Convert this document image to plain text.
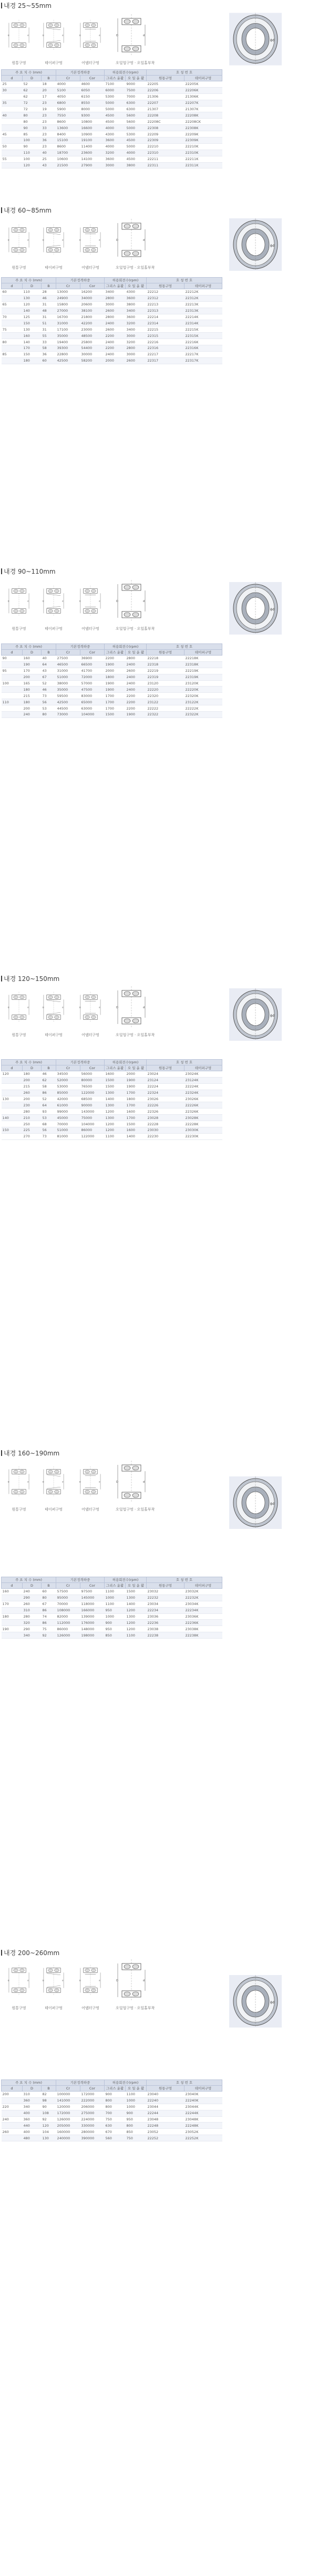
내경 25~55mm
D	d
원통구멍
D	d
테이퍼구멍
D	d
어댑터구멍
D	d
오일업구멍 · 오일홀부착
ϕd
주 요 치 수 (mm)			기본정격하중		허용회전수(rpm)		호 칭 번 호	
d	D	B	Cr	Cor	그리스 윤활	오 일 윤 활	원통구멍	테이퍼구멍
25	52	18	4000	4600	7100	9000	22205	22205K
30	62	20	5100	6050	6000	7500	22206	22206K
	62	17	4050	6150	5300	7000	21306	21306K
35	72	23	6800	8550	5000	6300	22207	22207K
	72	19	5900	8000	5000	6300	21307	21307K
40	80	23	7550	9300	4500	5600	22208	22208K
	80	23	8600	10800	4500	5600	22208C	22208CK
	90	33	13600	16600	4000	5000	22308	22308K
45	85	23	8400	10900	4300	5300	22209	22209K
	100	36	15100	19100	3600	4500	22309	22309K
50	90	23	8600	11400	4000	5000	22210	22210K
	110	40	18700	23600	3200	4000	22310	22310K
55	100	25	10600	14100	3600	4500	22211	22211K
	120	43	21500	27900	3000	3800	22311	22311K
내경 60~85mm
D	d
원통구멍
D	d
테이퍼구멍
D	d
어댑터구멍
D	d
오일업구멍 · 오일홀부착
ϕd
주 요 치 수 (mm)			기본정격하중		허용회전수(rpm)		호 칭 번 호	
d	D	B	Cr	Cor	그리스 윤활	오 일 윤 활	원통구멍	테이퍼구멍
60	110	28	13000	16200	3400	4300	22212	22212K
	130	46	24900	34000	2800	3600	22312	22312K
65	120	31	15800	20600	3000	3800	22213	22213K
	140	48	27000	38100	2600	3400	22313	22313K
70	125	31	16700	21800	2800	3600	22214	22214K
	150	51	31000	42200	2400	3200	22314	22314K
75	130	31	17100	23000	2600	3400	22215	22215K
	160	55	35000	48500	2200	3000	22315	22315K
80	140	33	19400	25800	2400	3200	22216	22216K
	170	58	39300	54400	2200	2800	22316	22316K
85	150	36	22800	30000	2400	3000	22217	22217K
	180	60	42500	58200	2000	2600	22317	22317K
내경 90~110mm
D	d
원통구멍
D	d
테이퍼구멍
D	d
어댑터구멍
D	d
오일업구멍 · 오일홀부착
ϕd
주 요 치 수 (mm)			기본정격하중		허용회전수(rpm)		호 칭 번 호	
d	D	B	Cr	Cor	그리스 윤활	오 일 윤 활	원통구멍	테이퍼구멍
90	160	40	27500	36900	2200	2800	22218	22218K
	190	64	46500	66500	1900	2400	22318	22318K
95	170	43	31000	41700	2000	2600	22219	22219K
	200	67	51000	72000	1800	2400	22319	22319K
100	165	52	38000	57000	1900	2400	23120	23120K
	180	46	35000	47500	1900	2400	22220	22220K
	215	73	59500	83000	1700	2200	22320	22320K
110	180	56	42500	65000	1700	2200	23122	23122K
	200	53	44500	63000	1700	2200	22222	22222K
	240	80	73000	104000	1500	1900	22322	22322K
내경 120~150mm
D	d
원통구멍
D	d
테이퍼구멍
D	d
어댑터구멍
D	d
오일업구멍 · 오일홀부착
ϕd
주 요 치 수 (mm)			기본정격하중		허용회전수(rpm)		호 칭 번 호	
d	D	B	Cr	Cor	그리스 윤활	오 일 윤 활	원통구멍	테이퍼구멍
120	180	46	34500	56000	1600	2000	23024	23024K
	200	62	52000	80000	1500	1900	23124	23124K
	215	58	53000	76500	1500	1900	22224	22224K
	260	86	85000	122000	1300	1700	22324	22324K
130	200	52	42000	68500	1400	1800	23026	23026K
	230	64	61000	90000	1300	1700	22226	22226K
	280	93	99000	143000	1200	1600	22326	22326K
140	210	53	45000	75000	1300	1700	23028	23028K
	250	68	70000	104000	1200	1500	22228	22228K
150	225	56	51000	86000	1200	1600	23030	23030K
	270	73	81000	122000	1100	1400	22230	22230K
내경 160~190mm
D	d
원통구멍
D	d
테이퍼구멍
D	d
어댑터구멍
D	d
오일업구멍 · 오일홀부착
ϕd
주 요 치 수 (mm)			기본정격하중		허용회전수(rpm)		호 칭 번 호	
d	D	B	Cr	Cor	그리스 윤활	오 일 윤 활	원통구멍	테이퍼구멍
160	240	60	57500	97500	1100	1500	23032	23032K
	290	80	95000	145000	1000	1300	22232	22232K
170	260	67	70000	118000	1100	1400	23034	23034K
	310	86	108000	166000	950	1200	22234	22234K
180	280	74	82000	139000	1000	1300	23036	23036K
	320	86	112000	176000	900	1200	22236	22236K
190	290	75	86000	148000	950	1200	23038	23038K
	340	92	126000	198000	850	1100	22238	22238K
내경 200~260mm
D	d
원통구멍
D	d
테이퍼구멍
D	d
어댑터구멍
D	d
오일업구멍 · 오일홀부착
ϕd
주 요 치 수 (mm)			기본정격하중		허용회전수(rpm)		호 칭 번 호	
d	D	B	Cr	Cor	그리스 윤활	오 일 윤 활	원통구멍	테이퍼구멍
200	310	82	100000	172000	900	1100	23040	23040K
	360	98	141000	222000	800	1000	22240	22240K
220	340	90	120000	206000	800	1000	23044	23044K
	400	108	172000	275000	700	900	22244	22244K
240	360	92	126000	224000	750	950	23048	23048K
	440	120	205000	330000	630	800	22248	22248K
260	400	104	160000	280000	670	850	23052	23052K
	480	130	240000	390000	560	750	22252	22252K
